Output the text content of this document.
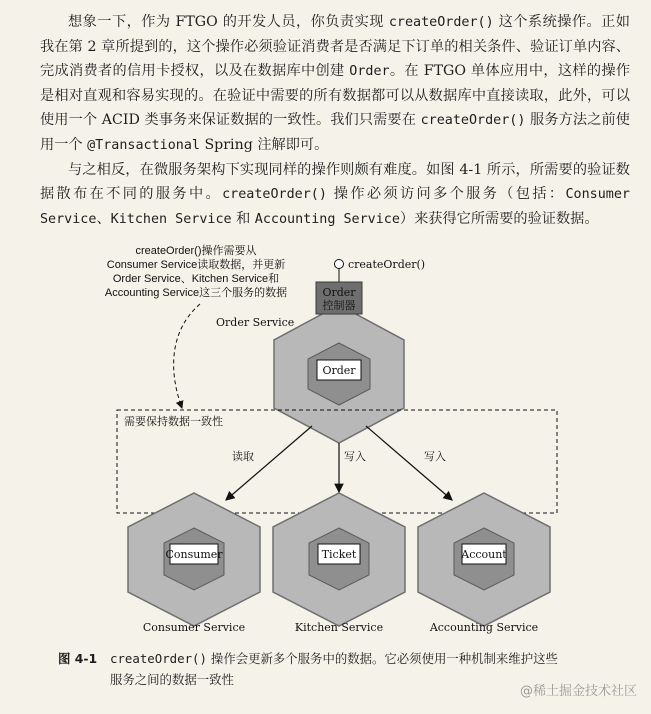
想象一下，作为 FTGO 的开发人员，你负责实现 createOrder() 这个系统操作。正如我在第 2 章所提到的，这个操作必须验证消费者是否满足下订单的相关条件、验证订单内容、完成消费者的信用卡授权，以及在数据库中创建 Order。在 FTGO 单体应用中，这样的操作是相对直观和容易实现的。在验证中需要的所有数据都可以从数据库中直接读取，此外，可以使用一个 ACID 类事务来保证数据的一致性。我们只需要在 createOrder() 服务方法之前使用一个 @Transactional Spring 注解即可。

与之相反，在微服务架构下实现同样的操作则颇有难度。如图 4-1 所示，所需要的验证数据散布在不同的服务中。createOrder() 操作必须访问多个服务（包括：Consumer Service、Kitchen Service 和 Accounting Service）来获得它所需要的验证数据。

createOrder()操作需要从
Consumer Service读取数据，并更新
Order Service、Kitchen Service和
Accounting Service这三个服务的数据
createOrder()
Order
Order
控制器
Order Service
需要保持数据一致性
Consumer
Consumer Service
Ticket
Kitchen Service
Account
Accounting Service
读取	写入	写入

图 4-1 createOrder() 操作会更新多个服务中的数据。它必须使用一种机制来维护这些
服务之间的数据一致性

@稀土掘金技术社区
